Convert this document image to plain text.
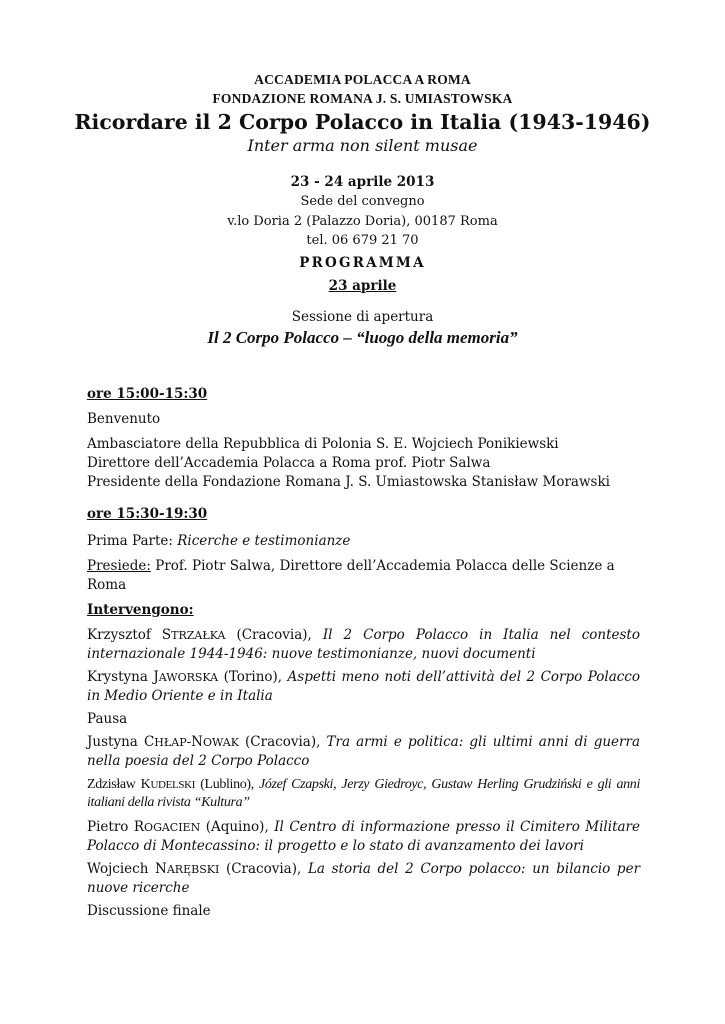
ACCADEMIA POLACCA A ROMA
FONDAZIONE ROMANA J. S. UMIASTOWSKA
Ricordare il 2 Corpo Polacco in Italia (1943-1946)
Inter arma non silent musae
23 - 24 aprile 2013
Sede del convegno
v.lo Doria 2 (Palazzo Doria), 00187 Roma
tel. 06 679 21 70
PROGRAMMA
23 aprile
Sessione di apertura
Il 2 Corpo Polacco – “luogo della memoria”
ore 15:00-15:30
Benvenuto
Ambasciatore della Repubblica di Polonia S. E. Wojciech Ponikiewski
Direttore dell’Accademia Polacca a Roma prof. Piotr Salwa
Presidente della Fondazione Romana J. S. Umiastowska Stanisław Morawski
ore 15:30-19:30
Prima Parte: Ricerche e testimonianze
Presiede: Prof. Piotr Salwa, Direttore dell’Accademia Polacca delle Scienze a Roma
Intervengono:
Krzysztof STRZAŁKA (Cracovia), Il 2 Corpo Polacco in Italia nel contesto internazionale 1944-1946: nuove testimonianze, nuovi documenti
Krystyna JAWORSKA (Torino), Aspetti meno noti dell’attività del 2 Corpo Polacco in Medio Oriente e in Italia
Pausa
Justyna CHŁAP-NOWAK (Cracovia), Tra armi e politica: gli ultimi anni di guerra nella poesia del 2 Corpo Polacco
Zdzisław KUDELSKI (Lublino), Józef Czapski, Jerzy Giedroyc, Gustaw Herling Grudziński e gli anni italiani della rivista “Kultura”
Pietro ROGACIEN (Aquino), Il Centro di informazione presso il Cimitero Militare Polacco di Montecassino: il progetto e lo stato di avanzamento dei lavori
Wojciech NARĘBSKI (Cracovia), La storia del 2 Corpo polacco: un bilancio per nuove ricerche
Discussione finale
